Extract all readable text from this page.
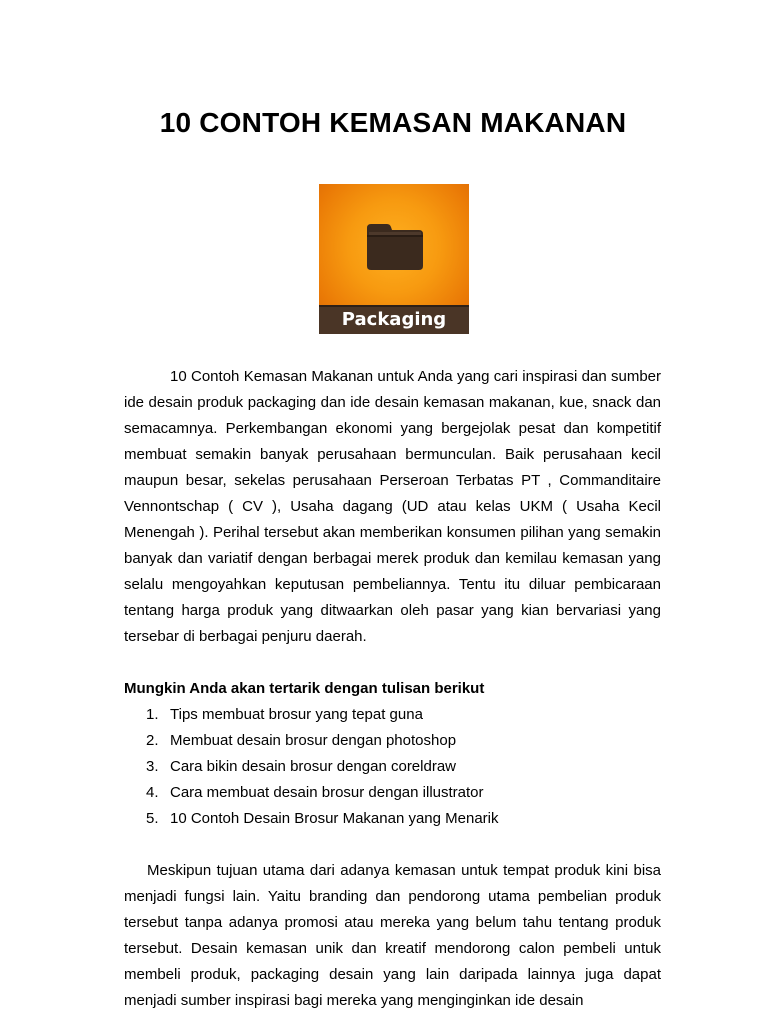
10 CONTOH KEMASAN MAKANAN
Packaging

10 Contoh Kemasan Makanan untuk Anda yang cari inspirasi dan sumber ide desain produk packaging dan ide desain kemasan makanan, kue, snack dan semacamnya. Perkembangan ekonomi yang bergejolak pesat dan kompetitif membuat semakin banyak perusahaan bermunculan. Baik perusahaan kecil maupun besar, sekelas perusahaan Perseroan Terbatas PT , Commanditaire Vennontschap ( CV ), Usaha dagang (UD atau kelas UKM ( Usaha Kecil Menengah ). Perihal tersebut akan memberikan konsumen pilihan yang semakin banyak dan variatif dengan berbagai merek produk dan kemilau kemasan yang selalu mengoyahkan keputusan pembeliannya. Tentu itu diluar pembicaraan tentang harga produk yang ditwaarkan oleh pasar yang kian bervariasi yang tersebar di berbagai penjuru daerah.

Mungkin Anda akan tertarik dengan tulisan berikut

1. Tips membuat brosur yang tepat guna
2. Membuat desain brosur dengan photoshop
3. Cara bikin desain brosur dengan coreldraw
4. Cara membuat desain brosur dengan illustrator
5. 10 Contoh Desain Brosur Makanan yang Menarik

Meskipun tujuan utama dari adanya kemasan untuk tempat produk kini bisa menjadi fungsi lain. Yaitu branding dan pendorong utama pembelian produk tersebut tanpa adanya promosi atau mereka yang belum tahu tentang produk tersebut. Desain kemasan unik dan kreatif mendorong calon pembeli untuk membeli produk, packaging desain yang lain daripada lainnya juga dapat menjadi sumber inspirasi bagi mereka yang menginginkan ide desain
